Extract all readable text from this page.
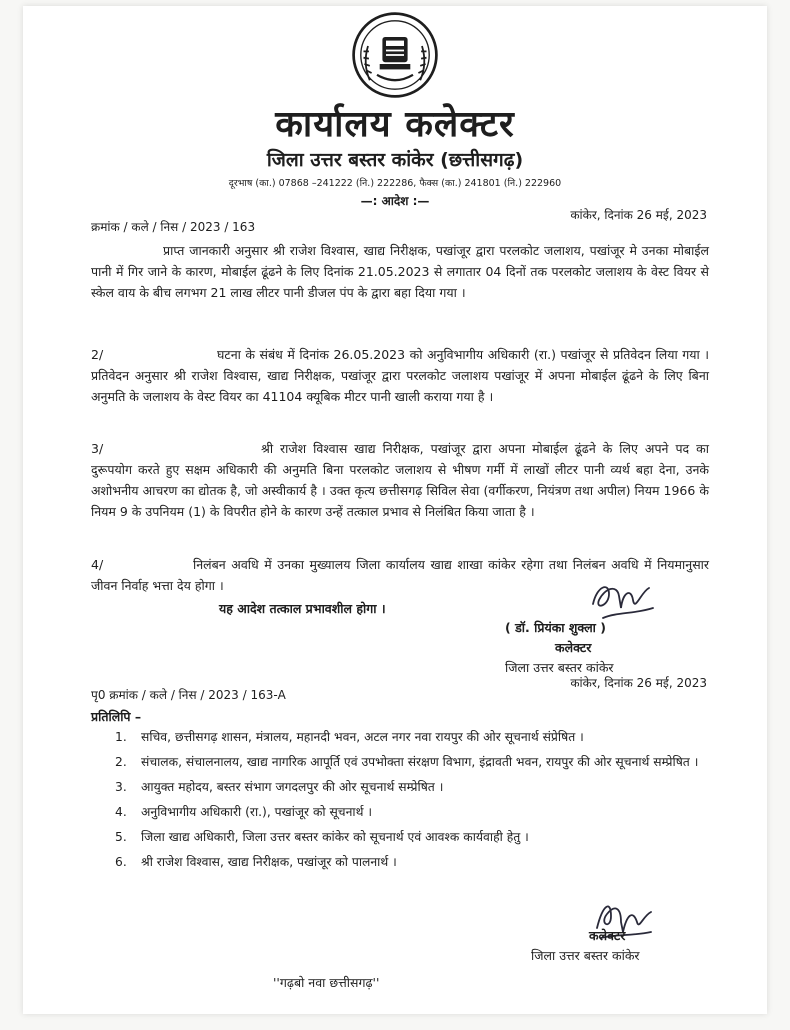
कार्यालय कलेक्टर
जिला उत्तर बस्तर कांकेर (छत्तीसगढ़)
दूरभाष (का.) 07868 –241222 (नि.) 222286, फैक्स (का.) 241801 (नि.) 222960
—: आदेश :—
कांकेर, दिनांक 26 मई, 2023
क्रमांक / कले / निस / 2023 / 163
प्राप्त जानकारी अनुसार श्री राजेश विश्वास, खाद्य निरीक्षक, पखांजूर द्वारा परलकोट जलाशय, पखांजूर मे उनका मोबाईल पानी में गिर जाने के कारण, मोबाईल ढूंढने के लिए दिनांक 21.05.2023 से लगातार 04 दिनों तक परलकोट जलाशय के वेस्ट वियर से स्केल वाय के बीच लगभग 21 लाख लीटर पानी डीजल पंप के द्वारा बहा दिया गया ।
2/	घटना के संबंध में दिनांक 26.05.2023 को अनुविभागीय अधिकारी (रा.) पखांजूर से प्रतिवेदन लिया गया । प्रतिवेदन अनुसार श्री राजेश विश्वास, खाद्य निरीक्षक, पखांजूर द्वारा परलकोट जलाशय पखांजूर में अपना मोबाईल ढूंढने के लिए बिना अनुमति के जलाशय के वेस्ट वियर का 41104 क्यूबिक मीटर पानी खाली कराया गया है ।
3/	श्री राजेश विश्वास खाद्य निरीक्षक, पखांजूर द्वारा अपना मोबाईल ढूंढने के लिए अपने पद का दुरूपयोग करते हुए सक्षम अधिकारी की अनुमति बिना परलकोट जलाशय से भीषण गर्मी में लाखों लीटर पानी व्यर्थ बहा देना, उनके अशोभनीय आचरण का द्योतक है, जो अस्वीकार्य है । उक्त कृत्य छत्तीसगढ़ सिविल सेवा (वर्गीकरण, नियंत्रण तथा अपील) नियम 1966 के नियम 9 के उपनियम (1) के विपरीत होने के कारण उन्हें तत्काल प्रभाव से निलंबित किया जाता है ।
4/	निलंबन अवधि में उनका मुख्यालय जिला कार्यालय खाद्य शाखा कांकेर रहेगा तथा निलंबन अवधि में नियमानुसार जीवन निर्वाह भत्ता देय होगा ।
यह आदेश तत्काल प्रभावशील होगा ।
( डॉ. प्रियंका शुक्ला )
कलेक्टर
जिला उत्तर बस्तर कांकेर
कांकेर, दिनांक 26 मई, 2023
पृ0 क्रमांक / कले / निस / 2023 / 163-A
प्रतिलिपि –
1.	सचिव, छत्तीसगढ़ शासन, मंत्रालय, महानदी भवन, अटल नगर नवा रायपुर की ओर सूचनार्थ संप्रेषित ।
2.	संचालक, संचालनालय, खाद्य नागरिक आपूर्ति एवं उपभोक्ता संरक्षण विभाग, इंद्रावती भवन, रायपुर की ओर सूचनार्थ सम्प्रेषित ।
3.	आयुक्त महोदय, बस्तर संभाग जगदलपुर की ओर सूचनार्थ सम्प्रेषित ।
4.	अनुविभागीय अधिकारी (रा.), पखांजूर को सूचनार्थ ।
5.	जिला खाद्य अधिकारी, जिला उत्तर बस्तर कांकेर को सूचनार्थ एवं आवश्क कार्यवाही हेतु ।
6.	श्री राजेश विश्वास, खाद्य निरीक्षक, पखांजूर को पालनार्थ ।
कलेक्टर
जिला उत्तर बस्तर कांकेर
''गढ़बो नवा छत्तीसगढ़''
